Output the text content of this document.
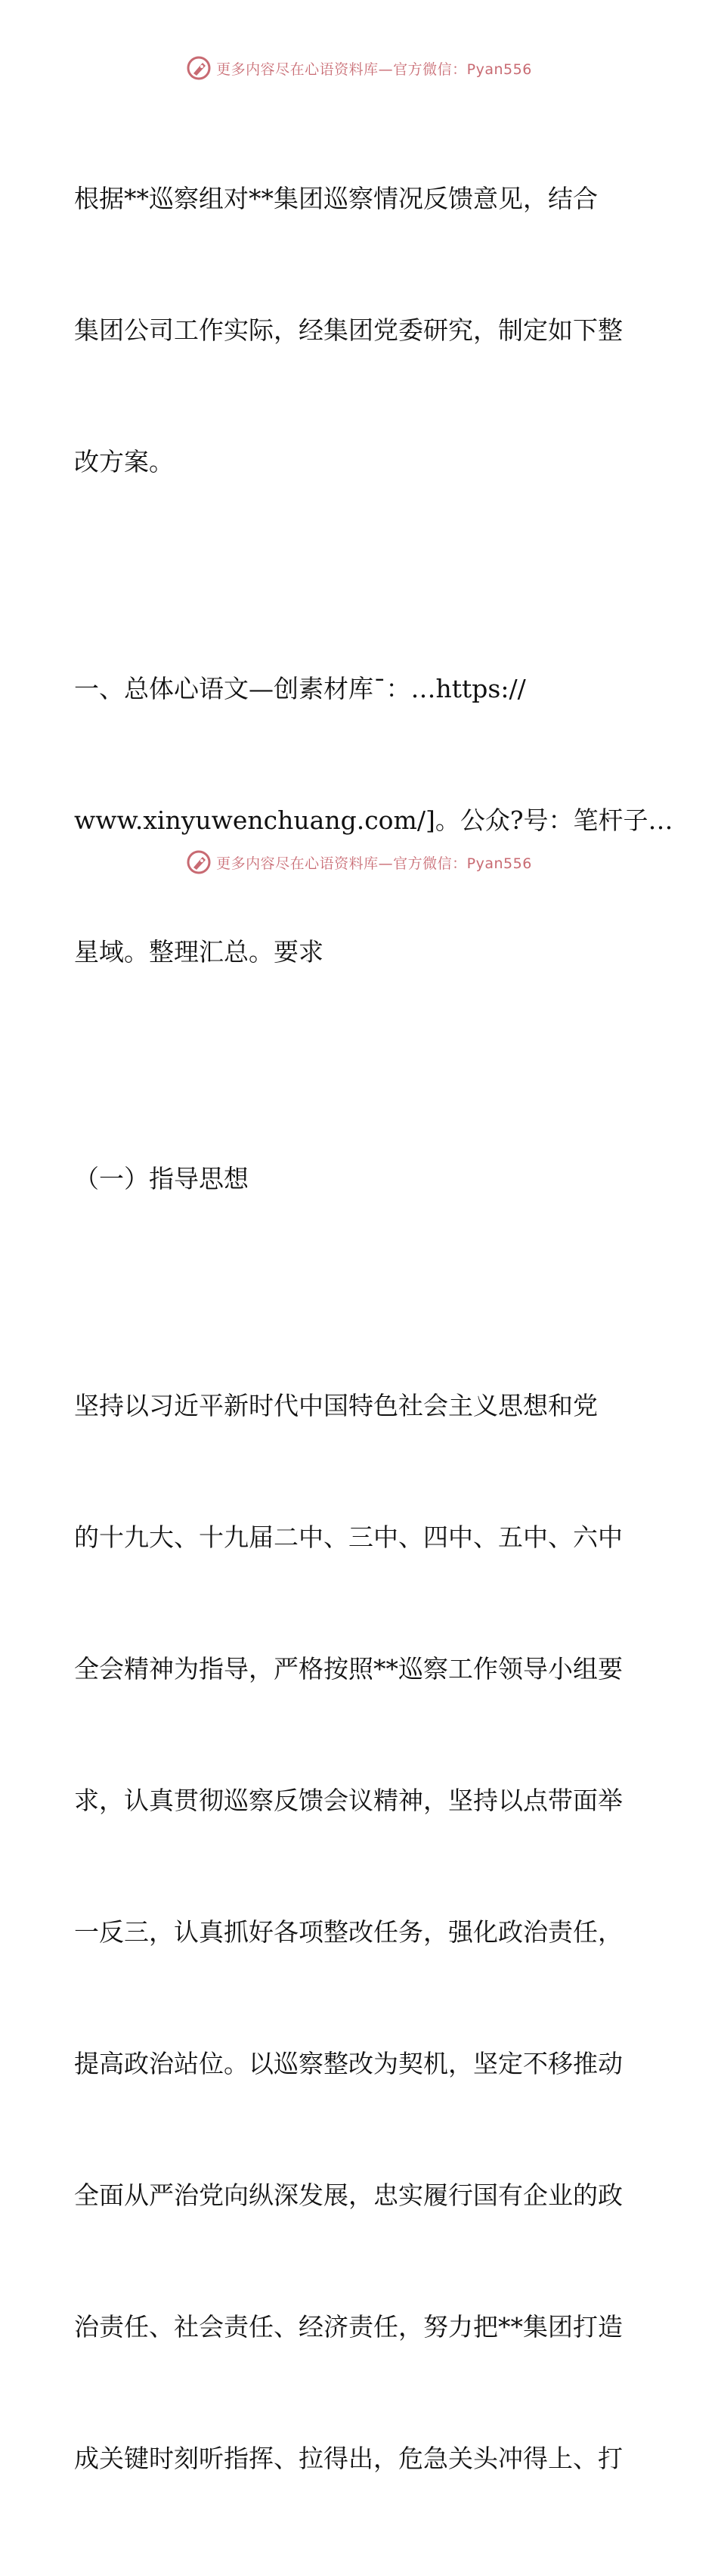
更多内容尽在心语资料库—官方微信：Pyan556

根据**巡察组对**集团巡察情况反馈意见，结合

集团公司工作实际，经集团党委研究，制定如下整

改方案。

一、总体心语文—创素材库¯：…https://

www.xinyuwenchuang.com/]。公众?号：笔杆子…

星域。整理汇总。要求

（一）指导思想

坚持以习近平新时代中国特色社会主义思想和党

的十九大、十九届二中、三中、四中、五中、六中

全会精神为指导，严格按照**巡察工作领导小组要

求，认真贯彻巡察反馈会议精神，坚持以点带面举

一反三，认真抓好各项整改任务，强化政治责任，

提高政治站位。以巡察整改为契机，坚定不移推动

全面从严治党向纵深发展，忠实履行国有企业的政

治责任、社会责任、经济责任，努力把**集团打造

成关键时刻听指挥、拉得出，危急关头冲得上、打

更多内容尽在心语资料库—官方微信：Pyan556
